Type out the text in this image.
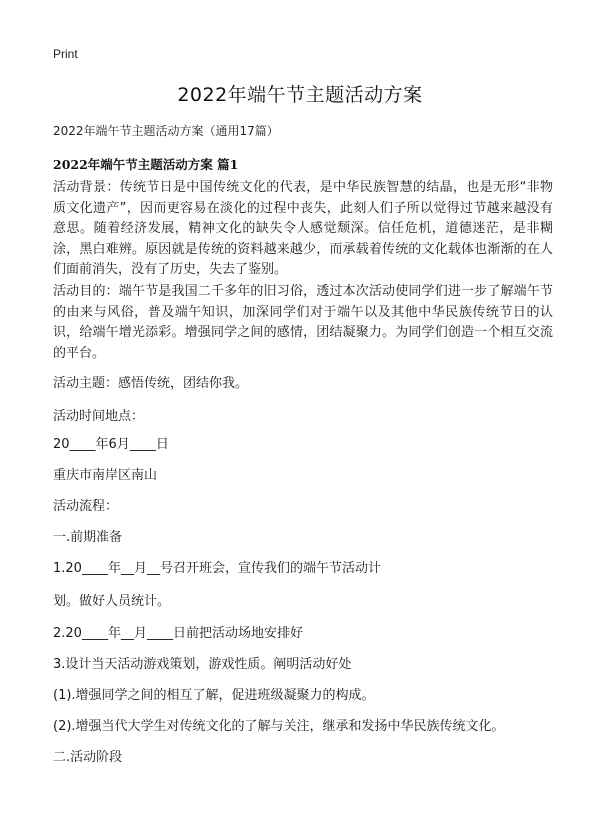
Print
2022年端午节主题活动方案
2022年端午节主题活动方案（通用17篇）
2022年端午节主题活动方案 篇1
活动背景：传统节日是中国传统文化的代表，是中华民族智慧的结晶，也是无形“非物质文化遗产”，因而更容易在淡化的过程中丧失，此刻人们子所以觉得过节越来越没有意思。随着经济发展，精神文化的缺失令人感觉颓深。信任危机，道德迷茫，是非糊涂，黑白难辨。原因就是传统的资料越来越少，而承载着传统的文化载体也渐渐的在人们面前消失，没有了历史，失去了鉴别。
活动目的：端午节是我国二千多年的旧习俗，透过本次活动使同学们进一步了解端午节的由来与风俗，普及端午知识，加深同学们对于端午以及其他中华民族传统节日的认识，给端午增光添彩。增强同学之间的感情，团结凝聚力。为同学们创造一个相互交流的平台。
活动主题：感悟传统，团结你我。
活动时间地点：
20____年6月____日
重庆市南岸区南山
活动流程：
一.前期准备
1.20____年__月__号召开班会，宣传我们的端午节活动计
划。做好人员统计。
2.20____年__月____日前把活动场地安排好
3.设计当天活动游戏策划，游戏性质。阐明活动好处
(1).增强同学之间的相互了解，促进班级凝聚力的构成。
(2).增强当代大学生对传统文化的了解与关注，继承和发扬中华民族传统文化。
二.活动阶段
